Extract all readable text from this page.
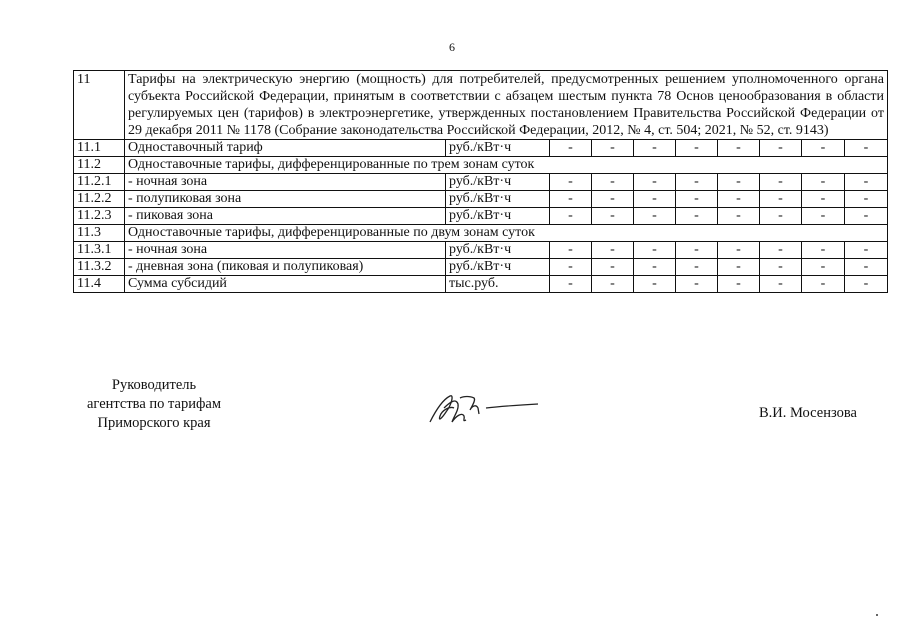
6
11	Тарифы на электрическую энергию (мощность) для потребителей, предусмотренных решением уполномоченного органа субъекта Российской Федерации, принятым в соответствии с абзацем шестым пункта 78 Основ ценообразования в области регулируемых цен (тарифов) в электроэнергетике, утвержденных постановлением Правительства Российской Федерации от 29 декабря 2011 № 1178 (Собрание законодательства Российской Федерации, 2012, № 4, ст. 504; 2021, № 52, ст. 9143)									
11.1	Одноставочный тариф	руб./кВт·ч	-	-	-	-	-	-	-	-
11.2	Одноставочные тарифы, дифференцированные по трем зонам суток									
11.2.1	- ночная зона	руб./кВт·ч	-	-	-	-	-	-	-	-
11.2.2	- полупиковая зона	руб./кВт·ч	-	-	-	-	-	-	-	-
11.2.3	- пиковая зона	руб./кВт·ч	-	-	-	-	-	-	-	-
11.3	Одноставочные тарифы, дифференцированные по двум зонам суток									
11.3.1	- ночная зона	руб./кВт·ч	-	-	-	-	-	-	-	-
11.3.2	- дневная зона (пиковая и полупиковая)	руб./кВт·ч	-	-	-	-	-	-	-	-
11.4	Сумма субсидий	тыс.руб.	-	-	-	-	-	-	-	-
Руководитель
агентства по тарифам
Приморского края
В.И. Мосензова
